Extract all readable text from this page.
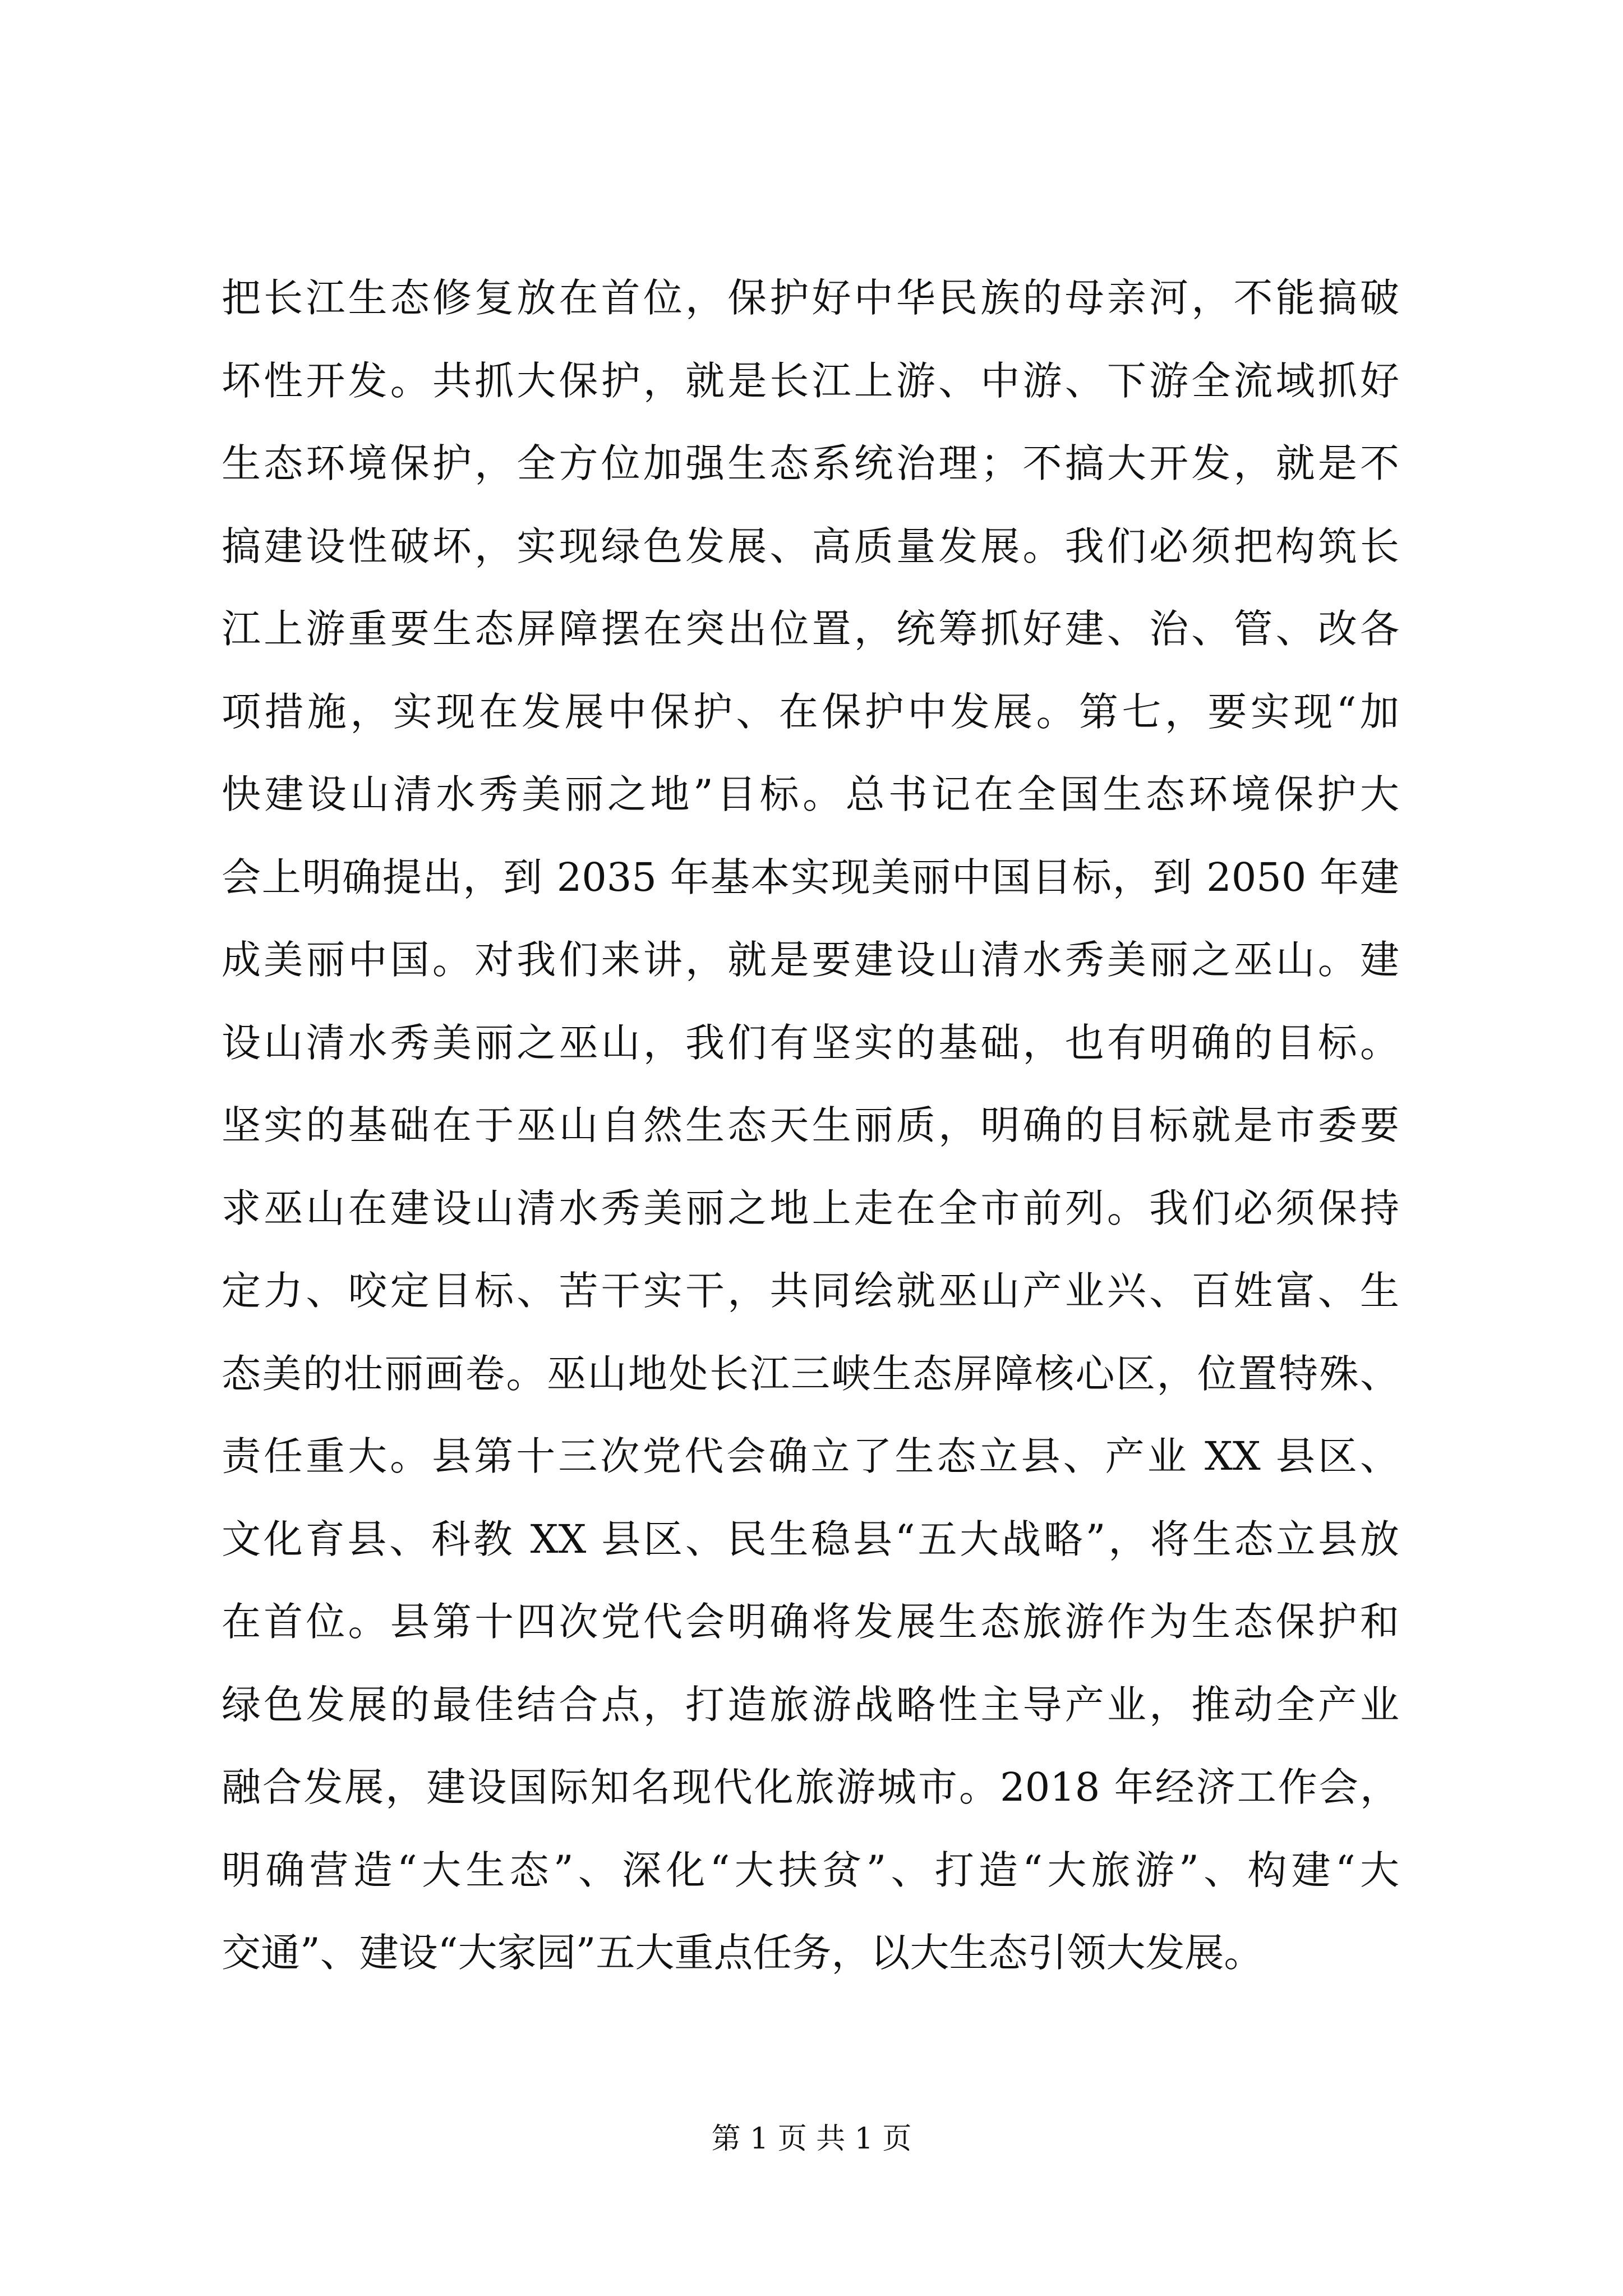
把长江生态修复放在首位，保护好中华民族的母亲河，不能搞破
坏性开发。共抓大保护，就是长江上游、中游、下游全流域抓好
生态环境保护，全方位加强生态系统治理；不搞大开发，就是不
搞建设性破坏，实现绿色发展、高质量发展。我们必须把构筑长
江上游重要生态屏障摆在突出位置，统筹抓好建、治、管、改各
项措施，实现在发展中保护、在保护中发展。第七，要实现“加
快建设山清水秀美丽之地”目标。总书记在全国生态环境保护大
会上明确提出，到 2035 年基本实现美丽中国目标，到 2050 年建
成美丽中国。对我们来讲，就是要建设山清水秀美丽之巫山。建
设山清水秀美丽之巫山，我们有坚实的基础，也有明确的目标。
坚实的基础在于巫山自然生态天生丽质，明确的目标就是市委要
求巫山在建设山清水秀美丽之地上走在全市前列。我们必须保持
定力、咬定目标、苦干实干，共同绘就巫山产业兴、百姓富、生
态美的壮丽画卷。巫山地处长江三峡生态屏障核心区，位置特殊、
责任重大。县第十三次党代会确立了生态立县、产业 XX 县区、
文化育县、科教 XX 县区、民生稳县“五大战略”，将生态立县放
在首位。县第十四次党代会明确将发展生态旅游作为生态保护和
绿色发展的最佳结合点，打造旅游战略性主导产业，推动全产业
融合发展，建设国际知名现代化旅游城市。2018 年经济工作会，
明确营造“大生态”、深化“大扶贫”、打造“大旅游”、构建“大
交通”、建设“大家园”五大重点任务，以大生态引领大发展。
第 1 页 共 1 页
